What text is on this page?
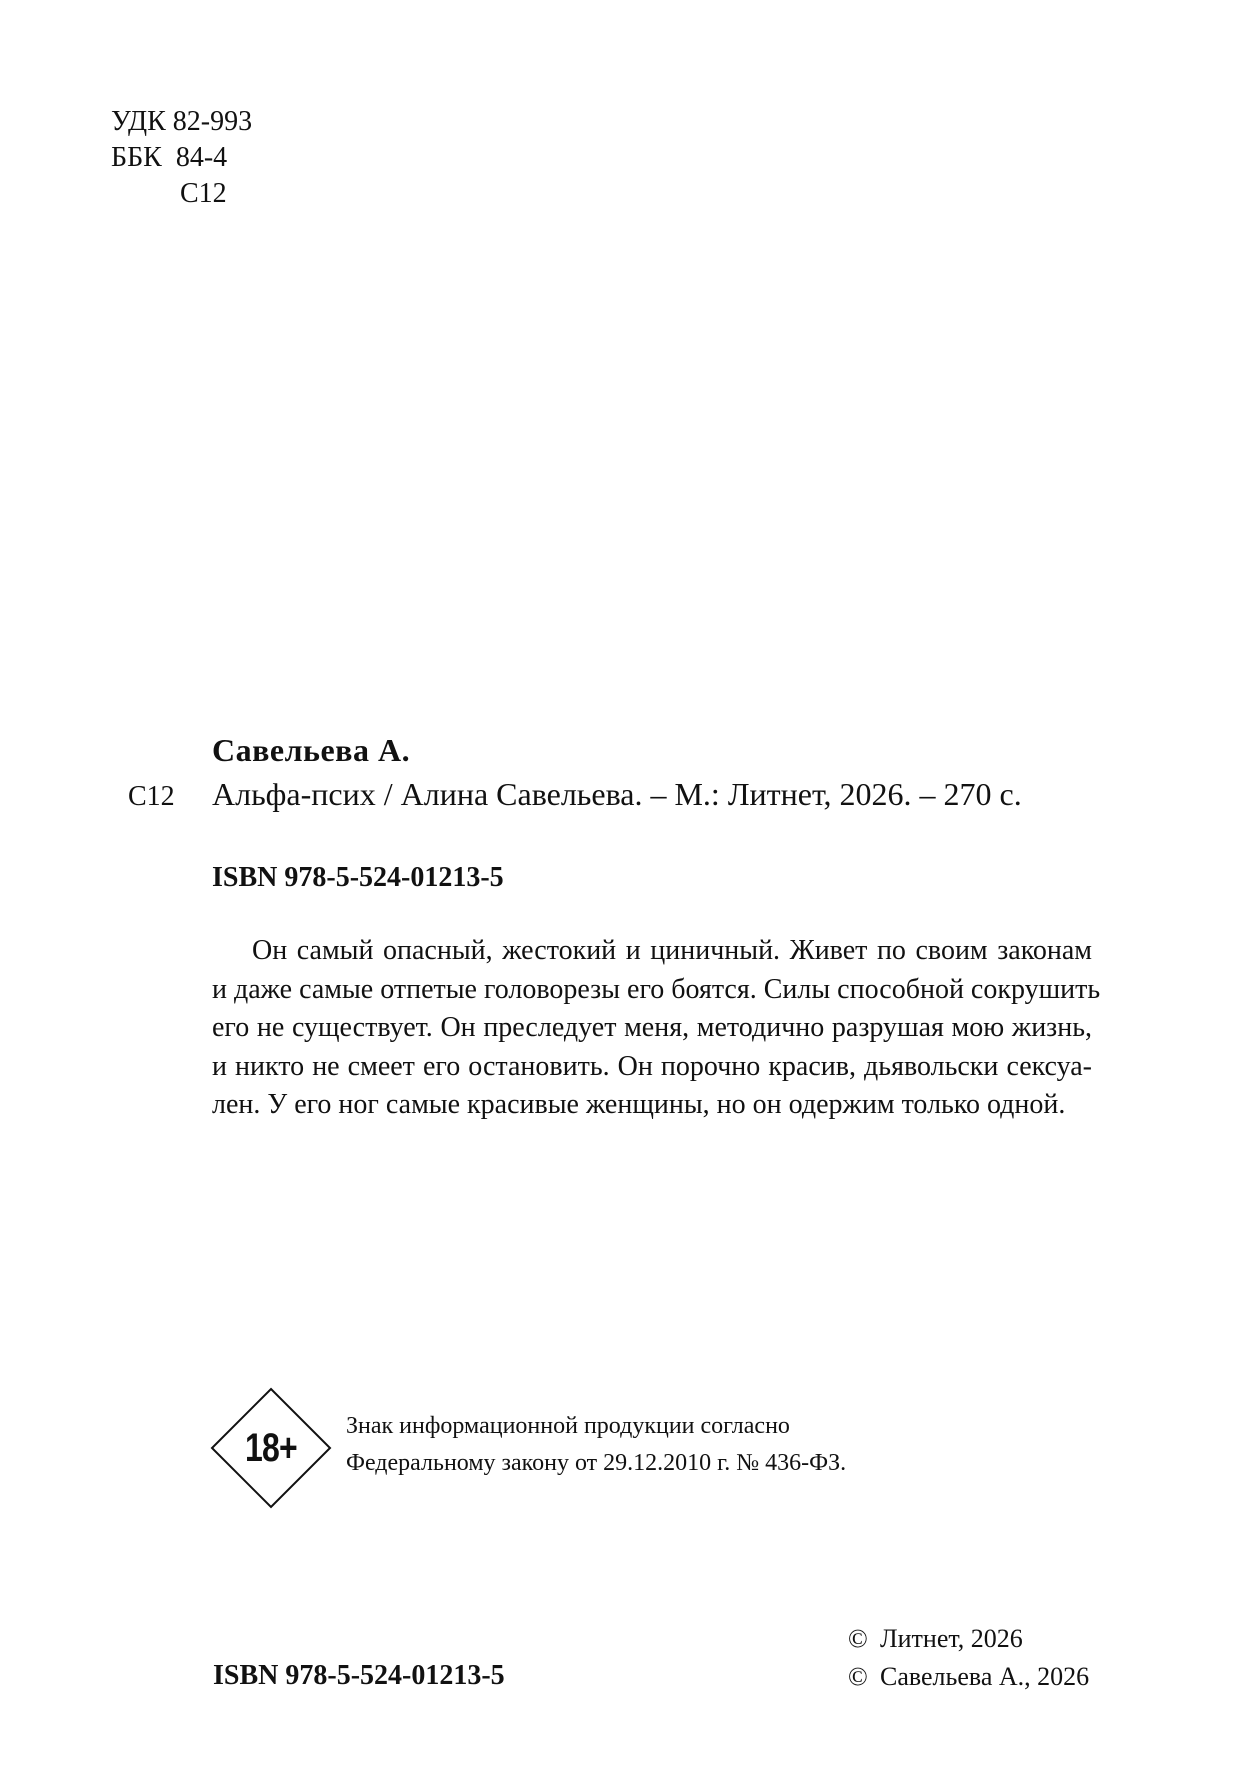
УДК 82-993
ББК  84-4
С12
Савельева А.
С12 Альфа-псих / Алина Савельева. – М.: Литнет, 2026. – 270 с.
ISBN 978-5-524-01213-5
Он самый опасный, жестокий и циничный. Живет по своим законам
и даже самые отпетые головорезы его боятся. Силы способной сокрушить
его не существует. Он преследует меня, методично разрушая мою жизнь,
и никто не смеет его остановить. Он порочно красив, дьявольски сексуа-
лен. У его ног самые красивые женщины, но он одержим только одной.
18+	Знак информационной продукции согласно
Федеральному закону от 29.12.2010 г. № 436-ФЗ.
ISBN 978-5-524-01213-5
© Литнет, 2026
© Савельева А., 2026
